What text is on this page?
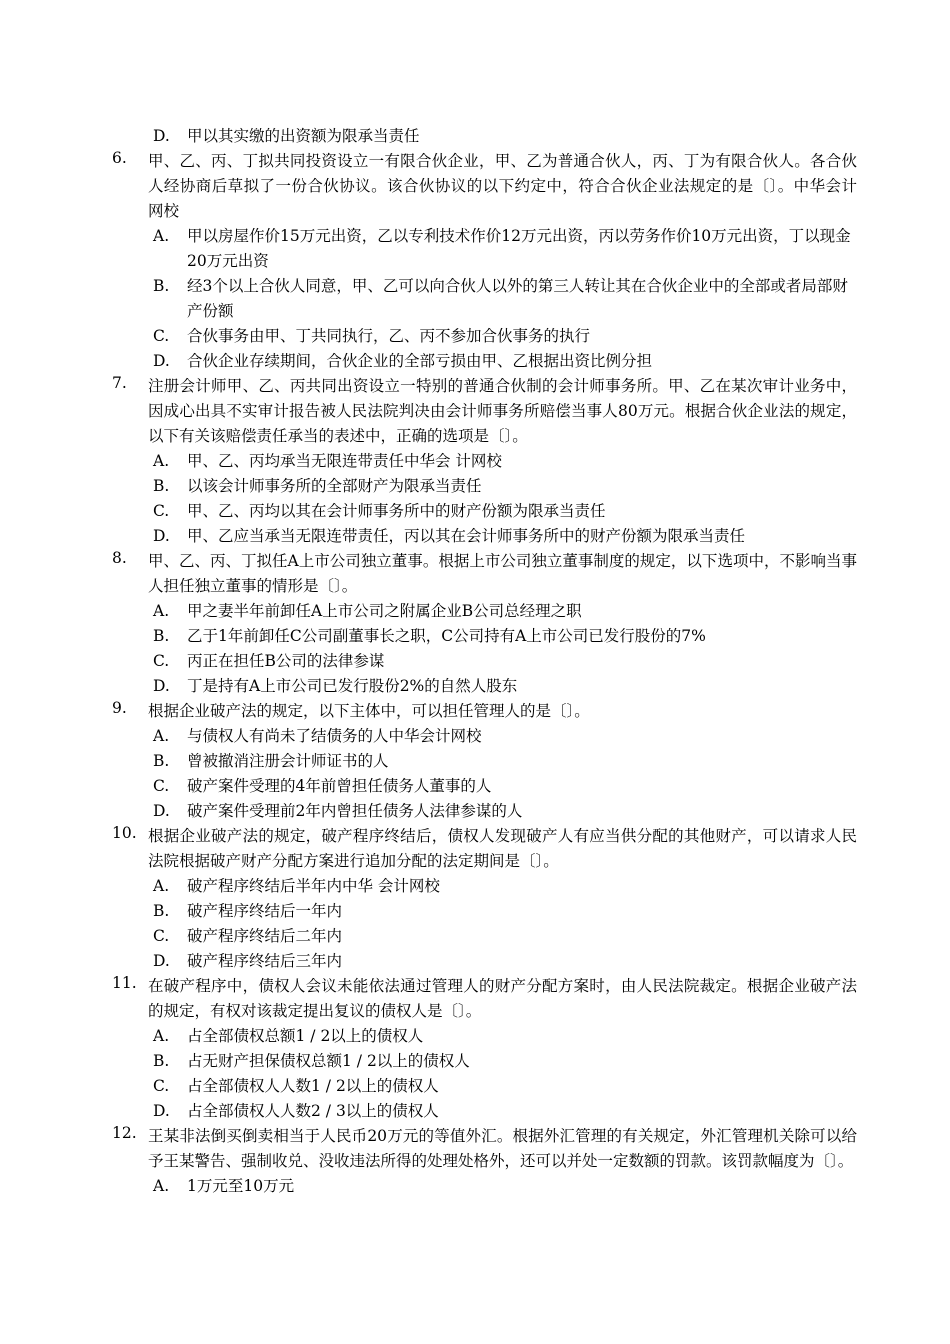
D. 甲以其实缴的出资额为限承当责任
6.	甲、乙、丙、丁拟共同投资设立一有限合伙企业，甲、乙为普通合伙人，丙、丁为有限合伙人。各合伙人经协商后草拟了一份合伙协议。该合伙协议的以下约定中，符合合伙企业法规定的是〔〕。中华会计 网校
A. 甲以房屋作价15万元出资，乙以专利技术作价12万元出资，丙以劳务作价10万元出资，丁以现金20万元出资
B. 经3个以上合伙人同意，甲、乙可以向合伙人以外的第三人转让其在合伙企业中的全部或者局部财产份额
C. 合伙事务由甲、丁共同执行，乙、丙不参加合伙事务的执行
D. 合伙企业存续期间，合伙企业的全部亏损由甲、乙根据出资比例分担
7.	注册会计师甲、乙、丙共同出资设立一特别的普通合伙制的会计师事务所。甲、乙在某次审计业务中，因成心出具不实审计报告被人民法院判决由会计师事务所赔偿当事人80万元。根据合伙企业法的规定，以下有关该赔偿责任承当的表述中，正确的选项是〔〕。
A. 甲、乙、丙均承当无限连带责任中华会 计网校
B. 以该会计师事务所的全部财产为限承当责任
C. 甲、乙、丙均以其在会计师事务所中的财产份额为限承当责任
D. 甲、乙应当承当无限连带责任，丙以其在会计师事务所中的财产份额为限承当责任
8.	甲、乙、丙、丁拟任A上市公司独立董事。根据上市公司独立董事制度的规定，以下选项中，不影响当事人担任独立董事的情形是〔〕。
A. 甲之妻半年前卸任A上市公司之附属企业B公司总经理之职
B. 乙于1年前卸任C公司副董事长之职，C公司持有A上市公司已发行股份的7%
C. 丙正在担任B公司的法律参谋
D. 丁是持有A上市公司已发行股份2%的自然人股东
9.	根据企业破产法的规定，以下主体中，可以担任管理人的是〔〕。
A. 与债权人有尚未了结债务的人中华会计网校
B. 曾被撤消注册会计师证书的人
C. 破产案件受理的4年前曾担任债务人董事的人
D. 破产案件受理前2年内曾担任债务人法律参谋的人
10. 根据企业破产法的规定，破产程序终结后，债权人发现破产人有应当供分配的其他财产，可以请求人民法院根据破产财产分配方案进行追加分配的法定期间是〔〕。
A. 破产程序终结后半年内中华 会计网校
B. 破产程序终结后一年内
C. 破产程序终结后二年内
D. 破产程序终结后三年内
11. 在破产程序中，债权人会议未能依法通过管理人的财产分配方案时，由人民法院裁定。根据企业破产法的规定，有权对该裁定提出复议的债权人是〔〕。
A. 占全部债权总额1 / 2以上的债权人
B. 占无财产担保债权总额1 / 2以上的债权人
C. 占全部债权人人数1 / 2以上的债权人
D. 占全部债权人人数2 / 3以上的债权人
12. 王某非法倒买倒卖相当于人民币20万元的等值外汇。根据外汇管理的有关规定，外汇管理机关除可以给予王某警告、强制收兑、没收违法所得的处理处格外，还可以并处一定数额的罚款。该罚款幅度为〔〕。
A. 1万元至10万元
